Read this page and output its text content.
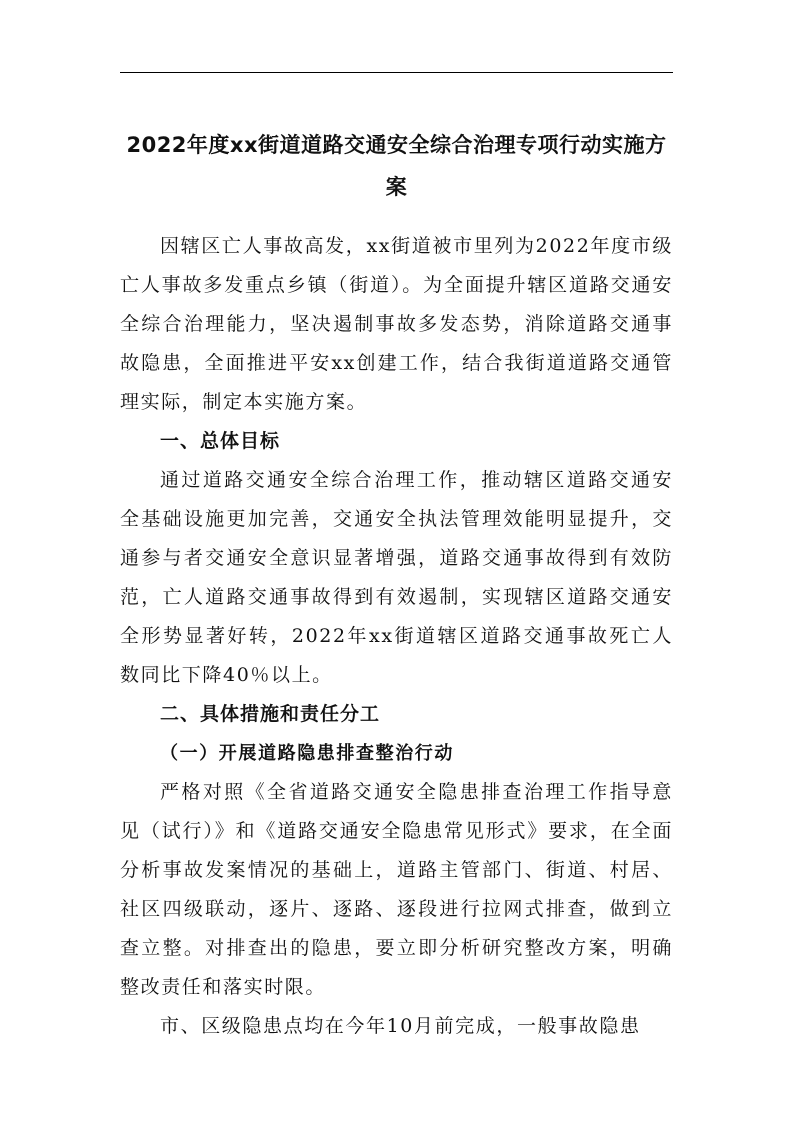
2022年度xx街道道路交通安全综合治理专项行动实施方案

因辖区亡人事故高发，xx街道被市里列为2022年度市级亡人事故多发重点乡镇（街道）。为全面提升辖区道路交通安全综合治理能力，坚决遏制事故多发态势，消除道路交通事故隐患，全面推进平安xx创建工作，结合我街道道路交通管理实际，制定本实施方案。

一、总体目标

通过道路交通安全综合治理工作，推动辖区道路交通安全基础设施更加完善，交通安全执法管理效能明显提升，交通参与者交通安全意识显著增强，道路交通事故得到有效防范，亡人道路交通事故得到有效遏制，实现辖区道路交通安全形势显著好转，2022年xx街道辖区道路交通事故死亡人数同比下降40％以上。

二、具体措施和责任分工

（一）开展道路隐患排查整治行动

严格对照《全省道路交通安全隐患排查治理工作指导意见（试行）》和《道路交通安全隐患常见形式》要求，在全面分析事故发案情况的基础上，道路主管部门、街道、村居、社区四级联动，逐片、逐路、逐段进行拉网式排查，做到立查立整。对排查出的隐患，要立即分析研究整改方案，明确整改责任和落实时限。

市、区级隐患点均在今年10月前完成，一般事故隐患
